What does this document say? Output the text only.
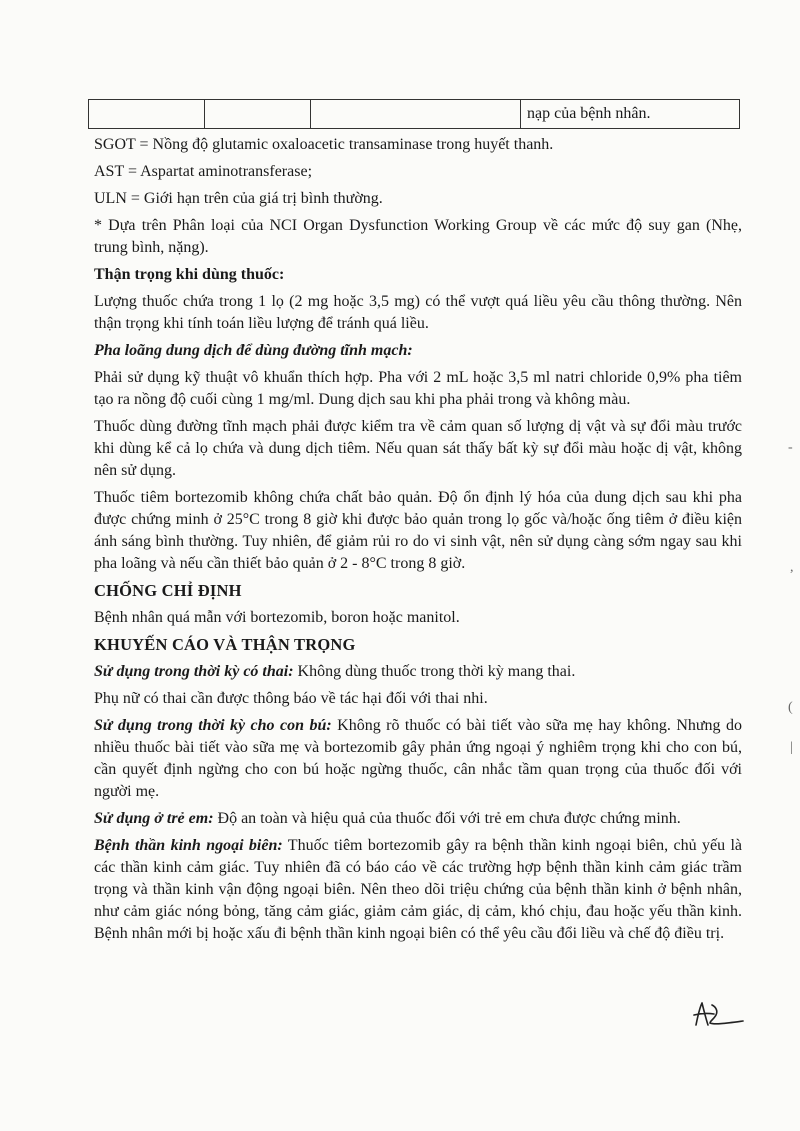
			nạp của bệnh nhân.

SGOT = Nồng độ glutamic oxaloacetic transaminase trong huyết thanh.

AST = Aspartat aminotransferase;

ULN = Giới hạn trên của giá trị bình thường.

* Dựa trên Phân loại của NCI Organ Dysfunction Working Group về các mức độ suy gan (Nhẹ, trung bình, nặng).

Thận trọng khi dùng thuốc:

Lượng thuốc chứa trong 1 lọ (2 mg hoặc 3,5 mg) có thể vượt quá liều yêu cầu thông thường. Nên thận trọng khi tính toán liều lượng để tránh quá liều.

Pha loãng dung dịch để dùng đường tĩnh mạch:

Phải sử dụng kỹ thuật vô khuẩn thích hợp. Pha với 2 mL hoặc 3,5 ml natri chloride 0,9% pha tiêm tạo ra nồng độ cuối cùng 1 mg/ml. Dung dịch sau khi pha phải trong và không màu.

Thuốc dùng đường tĩnh mạch phải được kiểm tra về cảm quan số lượng dị vật và sự đổi màu trước khi dùng kể cả lọ chứa và dung dịch tiêm. Nếu quan sát thấy bất kỳ sự đổi màu hoặc dị vật, không nên sử dụng.

Thuốc tiêm bortezomib không chứa chất bảo quản. Độ ổn định lý hóa của dung dịch sau khi pha được chứng minh ở 25°C trong 8 giờ khi được bảo quản trong lọ gốc và/hoặc ống tiêm ở điều kiện ánh sáng bình thường. Tuy nhiên, để giảm rủi ro do vi sinh vật, nên sử dụng càng sớm ngay sau khi pha loãng và nếu cần thiết bảo quản ở 2 - 8°C trong 8 giờ.

CHỐNG CHỈ ĐỊNH

Bệnh nhân quá mẫn với bortezomib, boron hoặc manitol.

KHUYẾN CÁO VÀ THẬN TRỌNG

Sử dụng trong thời kỳ có thai: Không dùng thuốc trong thời kỳ mang thai.

Phụ nữ có thai cần được thông báo về tác hại đối với thai nhi.

Sử dụng trong thời kỳ cho con bú: Không rõ thuốc có bài tiết vào sữa mẹ hay không. Nhưng do nhiều thuốc bài tiết vào sữa mẹ và bortezomib gây phản ứng ngoại ý nghiêm trọng khi cho con bú, cần quyết định ngừng cho con bú hoặc ngừng thuốc, cân nhắc tầm quan trọng của thuốc đối với người mẹ.

Sử dụng ở trẻ em: Độ an toàn và hiệu quả của thuốc đối với trẻ em chưa được chứng minh.

Bệnh thần kinh ngoại biên: Thuốc tiêm bortezomib gây ra bệnh thần kinh ngoại biên, chủ yếu là các thần kinh cảm giác. Tuy nhiên đã có báo cáo về các trường hợp bệnh thần kinh cảm giác trầm trọng và thần kinh vận động ngoại biên. Nên theo dõi triệu chứng của bệnh thần kinh ở bệnh nhân, như cảm giác nóng bỏng, tăng cảm giác, giảm cảm giác, dị cảm, khó chịu, đau hoặc yếu thần kinh. Bệnh nhân mới bị hoặc xấu đi bệnh thần kinh ngoại biên có thể yêu cầu đổi liều và chế độ điều trị.

-
,
(
|
